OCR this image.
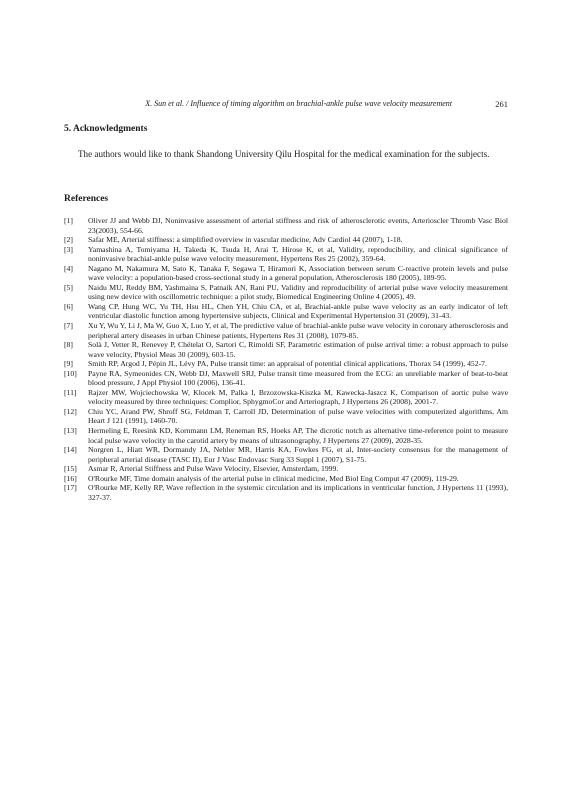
X. Sun et al. / Influence of timing algorithm on brachial-ankle pulse wave velocity measurement	261
5. Acknowledgments

The authors would like to thank Shandong University Qilu Hospital for the medical examination for the subjects.

References
[1]	Oliver JJ and Webb DJ, Noninvasive assessment of arterial stiffness and risk of atherosclerotic events, Arterioscler Thromb Vasc Biol 23(2003), 554-66.
[2]	Safar ME, Arterial stiffness: a simplified overview in vascular medicine, Adv Cardiol 44 (2007), 1-18.
[3]	Yamashina A, Tomiyama H, Takeda K, Tsuda H, Arai T, Hirose K, et al, Validity, reproducibility, and clinical significance of noninvasive brachial-ankle pulse wave velocity measurement, Hypertens Res 25 (2002), 359-64.
[4]	Nagano M, Nakamura M, Sato K, Tanaka F, Segawa T, Hiramori K, Association between serum C-reactive protein levels and pulse wave velocity: a population-based cross-sectional study in a general population, Atherosclerosis 180 (2005), 189-95.
[5]	Naidu MU, Reddy BM, Yashmaina S, Patnaik AN, Rani PU, Validity and reproducibility of arterial pulse wave velocity measurement using new device with oscillometric technique: a pilot study, Biomedical Engineering Online 4 (2005), 49.
[6]	Wang CP, Hung WC, Yu TH, Hsu HL, Chen YH, Chiu CA, et al, Brachial-ankle pulse wave velocity as an early indicator of left ventricular diastolic function among hypertensive subjects, Clinical and Experimental Hypertension 31 (2009), 31-43.
[7]	Xu Y, Wu Y, Li J, Ma W, Guo X, Luo Y, et al, The predictive value of brachial-ankle pulse wave velocity in coronary atherosclerosis and peripheral artery diseases in urban Chinese patients, Hypertens Res 31 (2008), 1079-85.
[8]	Solà J, Vetter R, Renevey P, Chételat O, Sartori C, Rimoldi SF, Parametric estimation of pulse arrival time: a robust approach to pulse wave velocity, Physiol Meas 30 (2009), 603-15.
[9]	Smith RP, Argod J, Pépin JL, Lévy PA, Pulse transit time: an appraisal of potential clinical applications, Thorax 54 (1999), 452-7.
[10]	Payne RA, Symeonides CN, Webb DJ, Maxwell SRJ, Pulse transit time measured from the ECG: an unreliable marker of beat-to-beat blood pressure, J Appl Physiol 100 (2006), 136-41.
[11]	Rajzer MW, Wojciechowska W, Klocek M, Palka I, Brzozowska-Kiszka M, Kawecka-Jaszcz K, Comparison of aortic pulse wave velocity measured by three techniques: Complior, SphygmoCor and Arteriograph, J Hypertens 26 (2008), 2001-7.
[12]	Chiu YC, Arand PW, Shroff SG, Feldman T, Carroll JD, Determination of pulse wave velocities with computerized algorithms, Am Heart J 121 (1991), 1460-70.
[13]	Hermeling E, Reesink KD, Kornmann LM, Reneman RS, Hoeks AP, The dicrotic notch as alternative time-reference point to measure local pulse wave velocity in the carotid artery by means of ultrasonography, J Hypertens 27 (2009), 2028-35.
[14]	Norgren L, Hiatt WR, Dormandy JA, Nehler MR, Harris KA, Fowkes FG, et al, Inter-society consensus for the management of peripheral arterial disease (TASC II), Eur J Vasc Endovasc Surg 33 Suppl 1 (2007), S1-75.
[15]	Asmar R, Arterial Stiffness and Pulse Wave Velocity, Elsevier, Amsterdam, 1999.
[16]	O'Rourke MF, Time domain analysis of the arterial pulse in clinical medicine, Med Biol Eng Comput 47 (2009), 119-29.
[17]	O'Rourke MF, Kelly RP, Wave reflection in the systemic circulation and its implications in ventricular function, J Hypertens 11 (1993), 327-37.
